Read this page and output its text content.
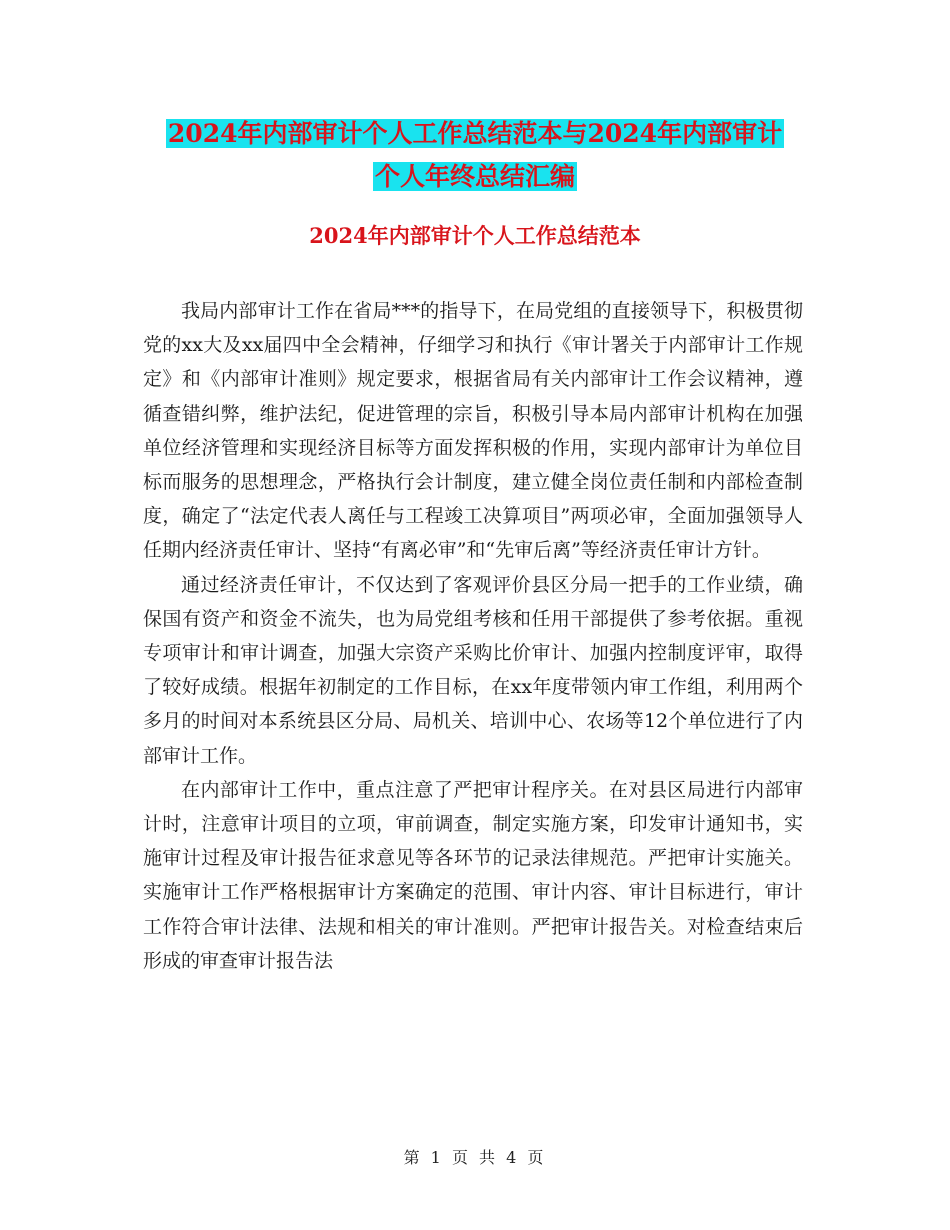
2024年内部审计个人工作总结范本与2024年内部审计
个人年终总结汇编
2024年内部审计个人工作总结范本

我局内部审计工作在省局***的指导下，在局党组的直接领导下，积极贯彻党的xx大及xx届四中全会精神，仔细学习和执行《审计署关于内部审计工作规定》和《内部审计准则》规定要求，根据省局有关内部审计工作会议精神，遵循查错纠弊，维护法纪，促进管理的宗旨，积极引导本局内部审计机构在加强单位经济管理和实现经济目标等方面发挥积极的作用，实现内部审计为单位目标而服务的思想理念，严格执行会计制度，建立健全岗位责任制和内部检查制度，确定了“法定代表人离任与工程竣工决算项目”两项必审，全面加强领导人任期内经济责任审计、坚持“有离必审”和“先审后离”等经济责任审计方针。

通过经济责任审计，不仅达到了客观评价县区分局一把手的工作业绩，确保国有资产和资金不流失，也为局党组考核和任用干部提供了参考依据。重视专项审计和审计调查，加强大宗资产采购比价审计、加强内控制度评审，取得了较好成绩。根据年初制定的工作目标，在xx年度带领内审工作组，利用两个多月的时间对本系统县区分局、局机关、培训中心、农场等12个单位进行了内部审计工作。

在内部审计工作中，重点注意了严把审计程序关。在对县区局进行内部审计时，注意审计项目的立项，审前调查，制定实施方案，印发审计通知书，实施审计过程及审计报告征求意见等各环节的记录法律规范。严把审计实施关。实施审计工作严格根据审计方案确定的范围、审计内容、审计目标进行，审计工作符合审计法律、法规和相关的审计准则。严把审计报告关。对检查结束后形成的审查审计报告法

第 1 页 共 4 页
